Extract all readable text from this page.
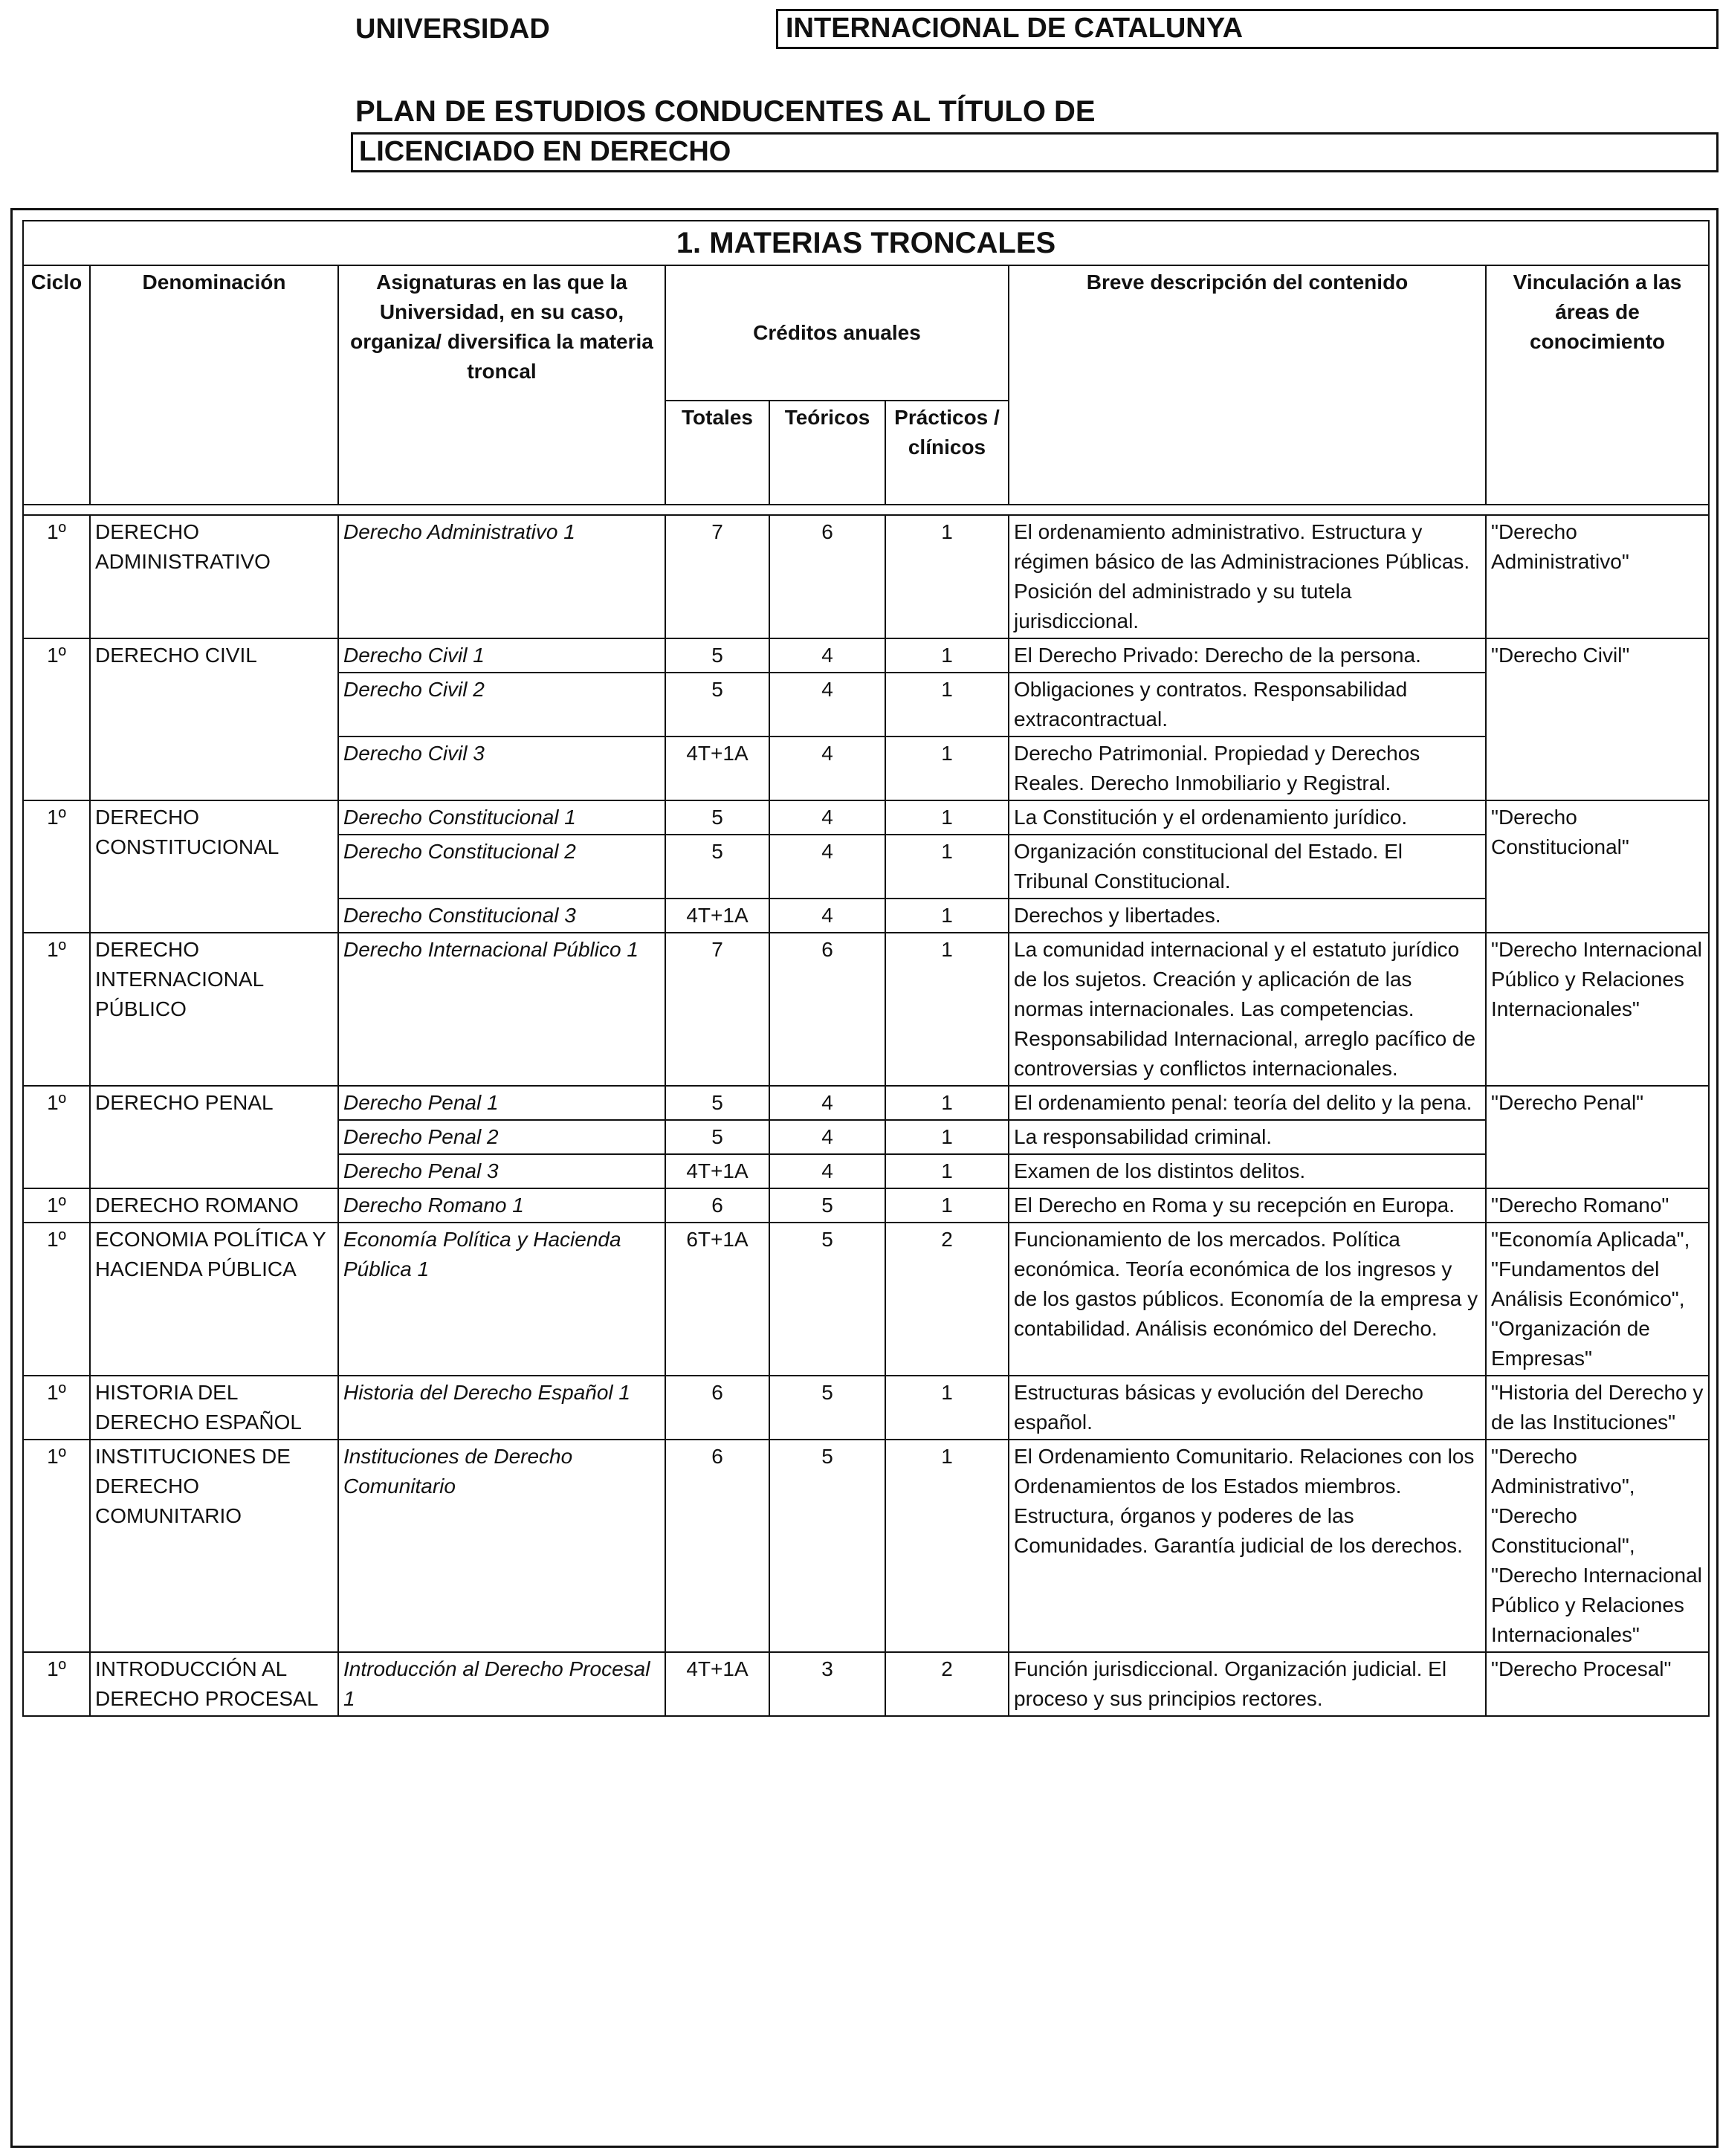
UNIVERSIDAD	INTERNACIONAL DE CATALUNYA
PLAN DE ESTUDIOS CONDUCENTES AL TÍTULO DE
LICENCIADO EN DERECHO
1. MATERIAS TRONCALES							
Ciclo	Denominación	Asignaturas en las que la Universidad, en su caso, organiza/ diversifica la materia troncal	Créditos anuales			Breve descripción del contenido	Vinculación a las áreas de conocimiento
			Totales	Teóricos	Prácticos / clínicos		

1º	DERECHO ADMINISTRATIVO	Derecho Administrativo 1	7	6	1	El ordenamiento administrativo. Estructura y régimen básico de las Administraciones Públicas. Posición del administrado y su tutela jurisdiccional.	"Derecho Administrativo"
1º	DERECHO CIVIL	Derecho Civil 1	5	4	1	El Derecho Privado: Derecho de la persona.	"Derecho Civil"
		Derecho Civil 2	5	4	1	Obligaciones y contratos. Responsabilidad extracontractual.	
		Derecho Civil 3	4T+1A	4	1	Derecho Patrimonial. Propiedad y Derechos Reales. Derecho Inmobiliario y Registral.	
1º	DERECHO CONSTITUCIONAL	Derecho Constitucional 1	5	4	1	La Constitución y el ordenamiento jurídico.	"Derecho Constitucional"
		Derecho Constitucional 2	5	4	1	Organización constitucional del Estado. El Tribunal Constitucional.	
		Derecho Constitucional 3	4T+1A	4	1	Derechos y libertades.	
1º	DERECHO INTERNACIONAL PÚBLICO	Derecho Internacional Público 1	7	6	1	La comunidad internacional y el estatuto jurídico de los sujetos. Creación y aplicación de las normas internacionales. Las competencias. Responsabilidad Internacional, arreglo pacífico de controversias y conflictos internacionales.	"Derecho Internacional Público y Relaciones Internacionales"
1º	DERECHO PENAL	Derecho Penal 1	5	4	1	El ordenamiento penal: teoría del delito y la pena.	"Derecho Penal"
		Derecho Penal 2	5	4	1	La responsabilidad criminal.	
		Derecho Penal 3	4T+1A	4	1	Examen de los distintos delitos.	
1º	DERECHO ROMANO	Derecho Romano 1	6	5	1	El Derecho en Roma y su recepción en Europa.	"Derecho Romano"
1º	ECONOMIA POLÍTICA Y HACIENDA PÚBLICA	Economía Política y Hacienda Pública 1	6T+1A	5	2	Funcionamiento de los mercados. Política económica. Teoría económica de los ingresos y de los gastos públicos. Economía de la empresa y contabilidad. Análisis económico del Derecho.	"Economía Aplicada", "Fundamentos del Análisis Económico", "Organización de Empresas"
1º	HISTORIA DEL DERECHO ESPAÑOL	Historia del Derecho Español 1	6	5	1	Estructuras básicas y evolución del Derecho español.	"Historia del Derecho y de las Instituciones"
1º	INSTITUCIONES DE DERECHO COMUNITARIO	Instituciones de Derecho Comunitario	6	5	1	El Ordenamiento Comunitario. Relaciones con los Ordenamientos de los Estados miembros. Estructura, órganos y poderes de las Comunidades. Garantía judicial de los derechos.	"Derecho Administrativo", "Derecho Constitucional", "Derecho Internacional Público y Relaciones Internacionales"
1º	INTRODUCCIÓN AL DERECHO PROCESAL	Introducción al Derecho Procesal 1	4T+1A	3	2	Función jurisdiccional. Organización judicial. El proceso y sus principios rectores.	"Derecho Procesal"
